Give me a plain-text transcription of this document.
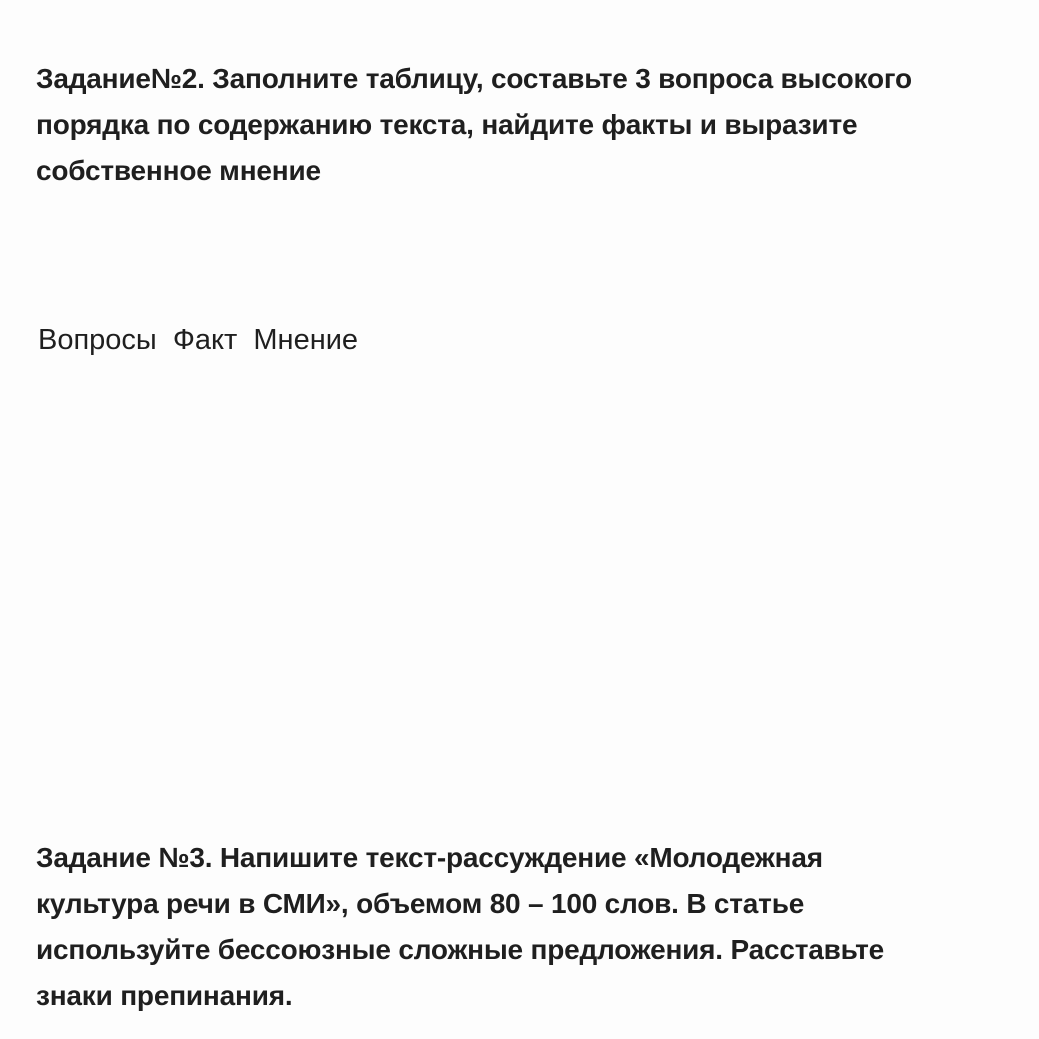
Задание№2. Заполните таблицу, составьте 3 вопроса высокого
порядка по содержанию текста, найдите факты и выразите
собственное мнение
Вопросы Факт Мнение
Задание №3. Напишите текст-рассуждение «Молодежная
культура речи в СМИ», объемом 80 – 100 слов. В статье
используйте бессоюзные сложные предложения. Расставьте
знаки препинания.
